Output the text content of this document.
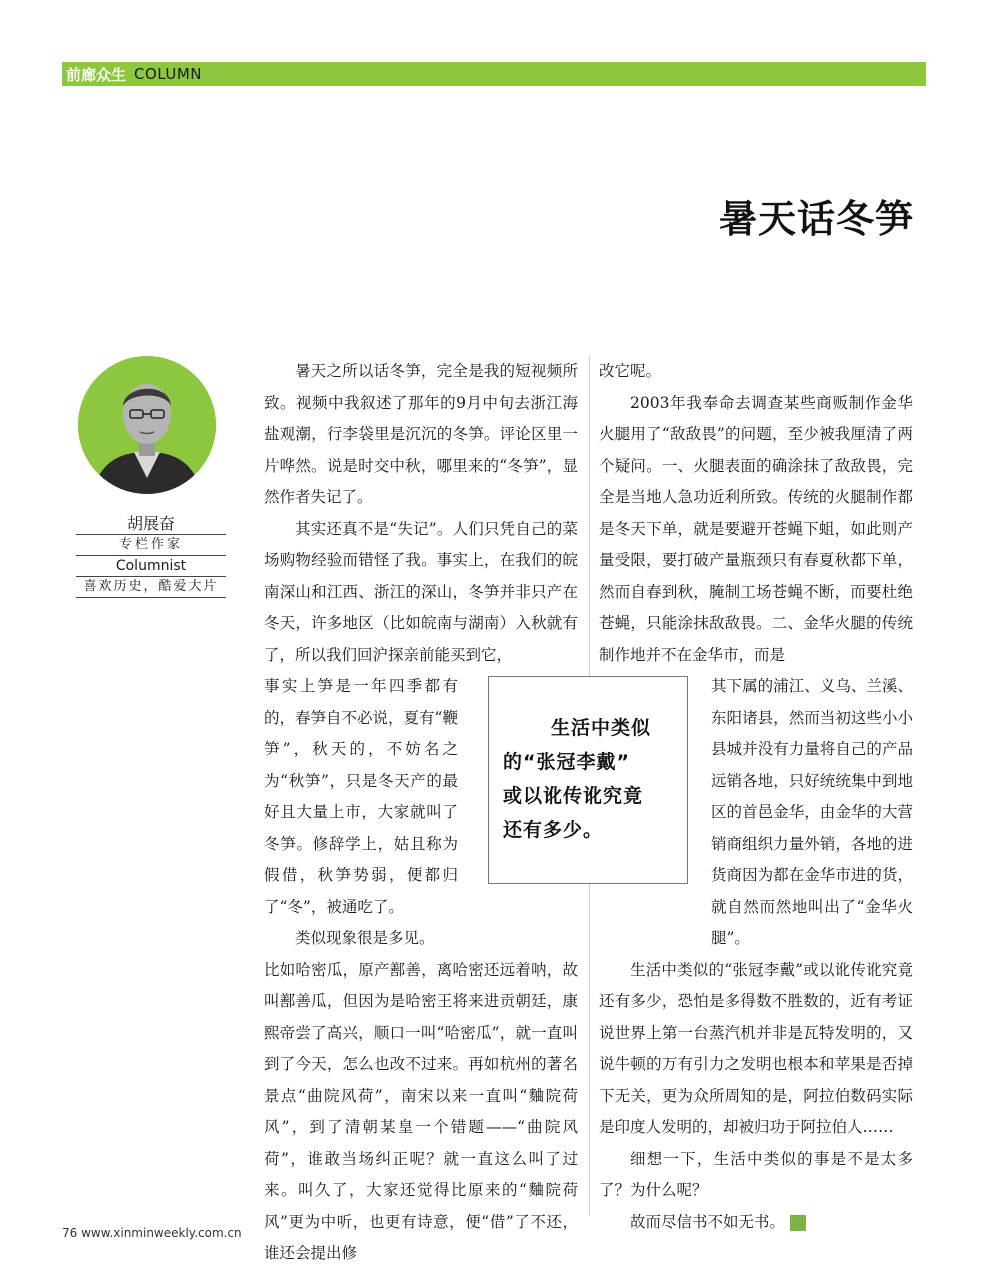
前廊众生 COLUMN
暑天话冬笋
胡展奋
专栏作家
Columnist
喜欢历史，酷爱大片

暑天之所以话冬笋，完全是我的短视频所致。视频中我叙述了那年的9月中旬去浙江海盐观潮，行李袋里是沉沉的冬笋。评论区里一片哗然。说是时交中秋，哪里来的“冬笋”，显然作者失记了。

其实还真不是“失记”。人们只凭自己的菜场购物经验而错怪了我。事实上，在我们的皖南深山和江西、浙江的深山，冬笋并非只产在冬天，许多地区（比如皖南与湖南）入秋就有了，所以我们回沪探亲前能买到它，

事实上笋是一年四季都有的，春笋自不必说，夏有“鞭笋”，秋天的，不妨名之为“秋笋”，只是冬天产的最好且大量上市，大家就叫了冬笋。修辞学上，姑且称为假借，秋笋势弱，便都归了“冬”，被通吃了。

类似现象很是多见。

比如哈密瓜，原产鄯善，离哈密还远着呐，故叫鄯善瓜，但因为是哈密王将来进贡朝廷，康熙帝尝了高兴，顺口一叫“哈密瓜”，就一直叫到了今天，怎么也改不过来。再如杭州的著名景点“曲院风荷”，南宋以来一直叫“麯院荷风”，到了清朝某皇一个错题——“曲院风荷”，谁敢当场纠正呢？就一直这么叫了过来。叫久了，大家还觉得比原来的“麯院荷风”更为中听，也更有诗意，便“借”了不还，谁还会提出修

改它呢。

2003年我奉命去调查某些商贩制作金华火腿用了“敌敌畏”的问题，至少被我厘清了两个疑问。一、火腿表面的确涂抹了敌敌畏，完全是当地人急功近利所致。传统的火腿制作都是冬天下单，就是要避开苍蝇下蛆，如此则产量受限，要打破产量瓶颈只有春夏秋都下单，然而自春到秋，腌制工场苍蝇不断，而要杜绝苍蝇，只能涂抹敌敌畏。二、金华火腿的传统制作地并不在金华市，而是

其下属的浦江、义乌、兰溪、东阳诸县，然而当初这些小小县城并没有力量将自己的产品远销各地，只好统统集中到地区的首邑金华，由金华的大营销商组织力量外销，各地的进货商因为都在金华市进的货，就自然而然地叫出了“金华火腿”。

生活中类似的“张冠李戴”或以讹传讹究竟还有多少，恐怕是多得数不胜数的，近有考证说世界上第一台蒸汽机并非是瓦特发明的，又说牛顿的万有引力之发明也根本和苹果是否掉下无关，更为众所周知的是，阿拉伯数码实际是印度人发明的，却被归功于阿拉伯人……

细想一下，生活中类似的事是不是太多了？为什么呢？

故而尽信书不如无书。	民

生活中类似
的“张冠李戴”
或以讹传讹究竟
还有多少。
76 www.xinminweekly.com.cn
